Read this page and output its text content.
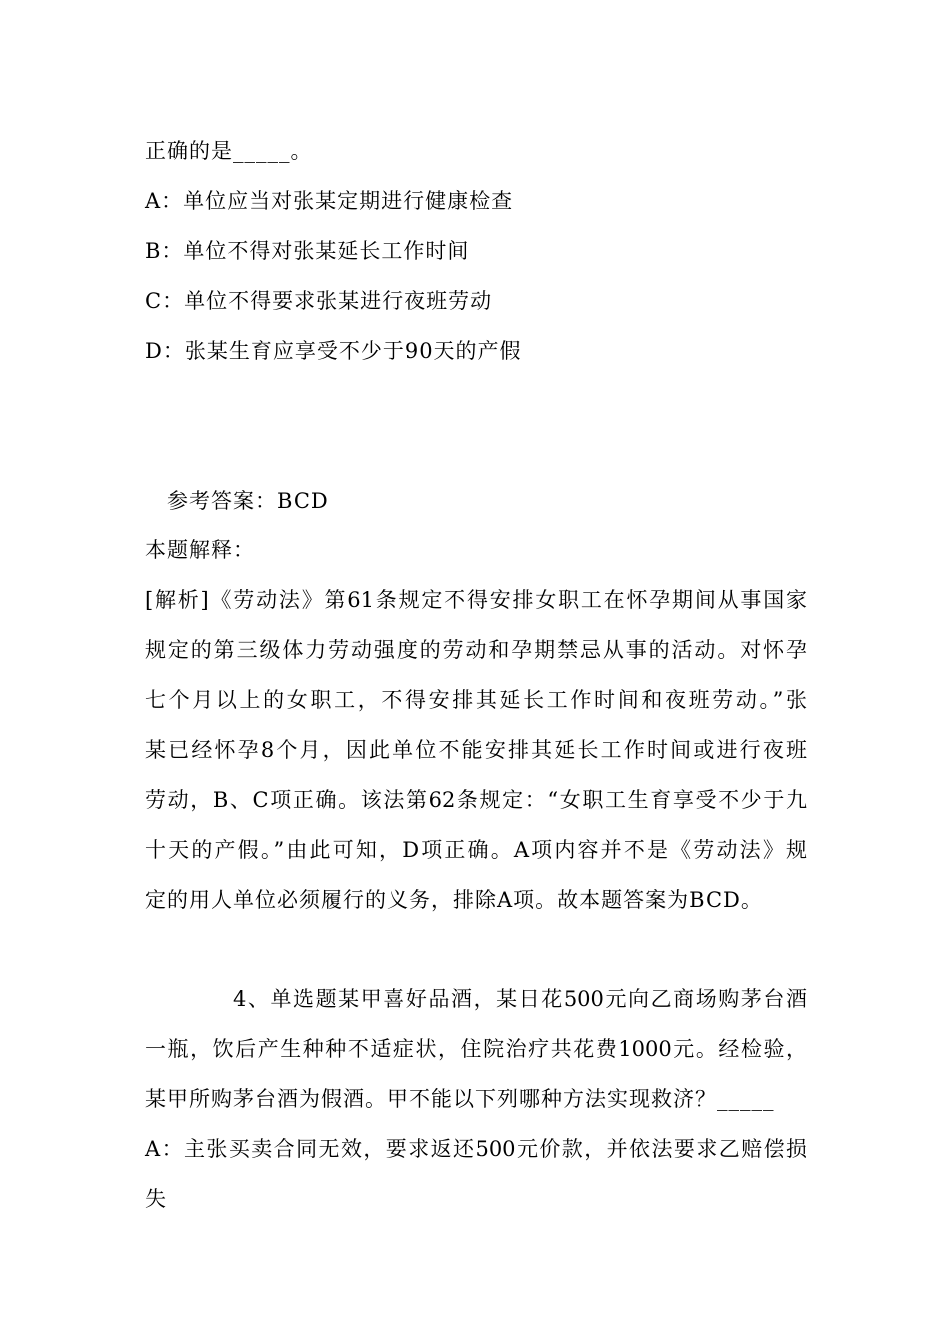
正确的是_____。
A：单位应当对张某定期进行健康检查
B：单位不得对张某延长工作时间
C：单位不得要求张某进行夜班劳动
D：张某生育应享受不少于90天的产假
参考答案：BCD
本题解释：
[解析]《劳动法》第61条规定不得安排女职工在怀孕期间从事国家
规定的第三级体力劳动强度的劳动和孕期禁忌从事的活动。对怀孕
七个月以上的女职工，不得安排其延长工作时间和夜班劳动。”张
某已经怀孕8个月，因此单位不能安排其延长工作时间或进行夜班
劳动，B、C项正确。该法第62条规定：“女职工生育享受不少于九
十天的产假。”由此可知，D项正确。A项内容并不是《劳动法》规
定的用人单位必须履行的义务，排除A项。故本题答案为BCD。
4、单选题某甲喜好品酒，某日花500元向乙商场购茅台酒
一瓶，饮后产生种种不适症状，住院治疗共花费1000元。经检验，
某甲所购茅台酒为假酒。甲不能以下列哪种方法实现救济？_____
A：主张买卖合同无效，要求返还500元价款，并依法要求乙赔偿损
失
